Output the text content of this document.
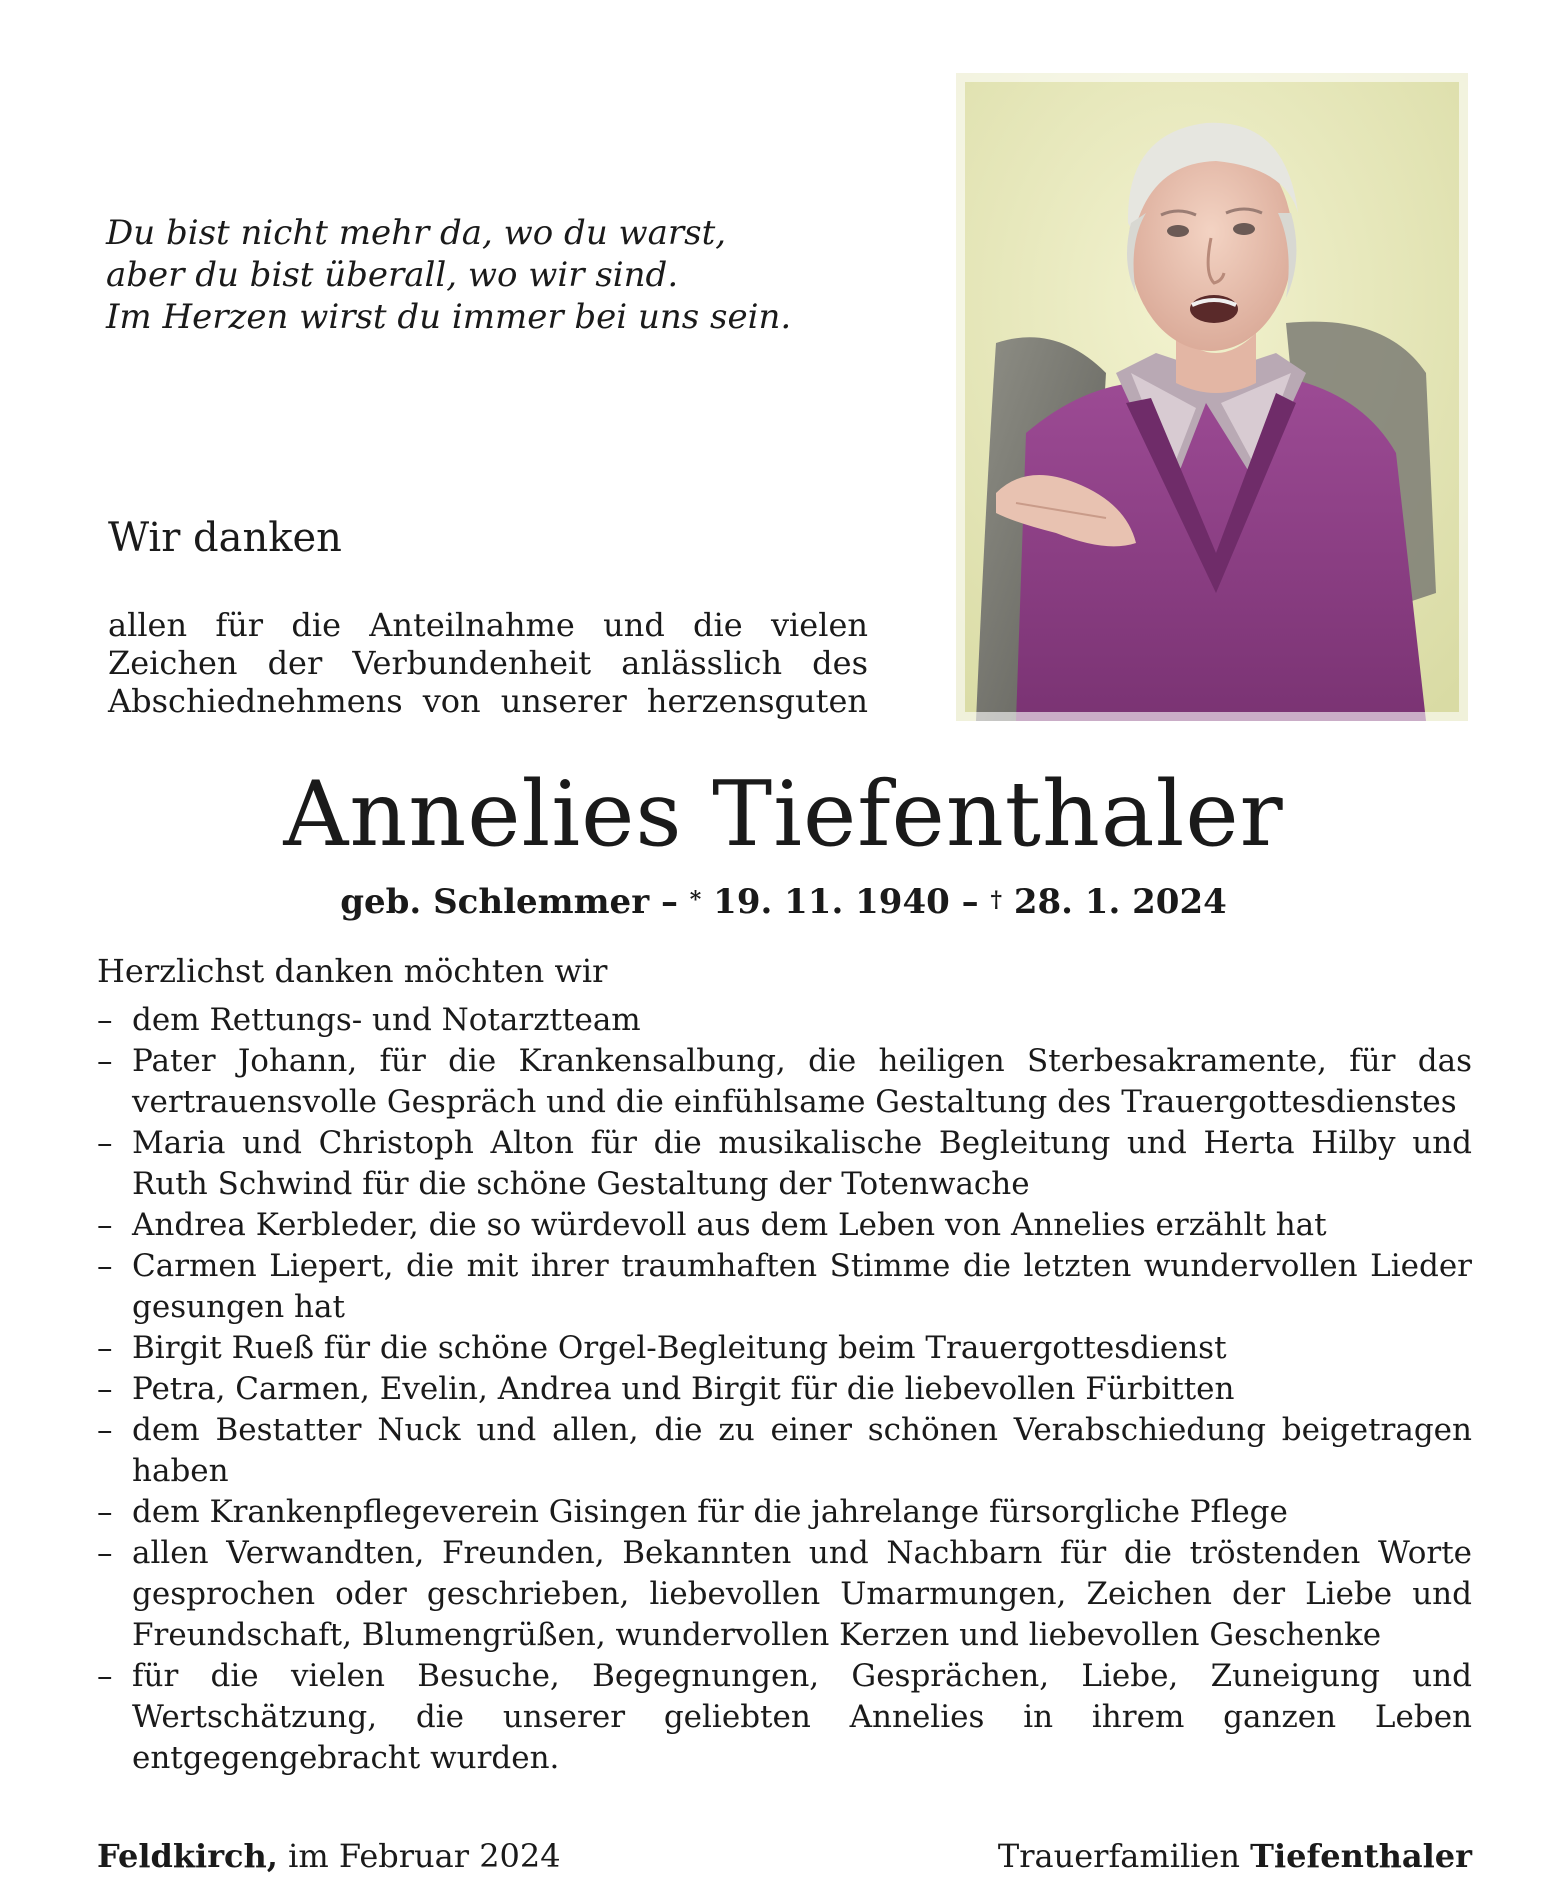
Du bist nicht mehr da, wo du warst,
aber du bist überall, wo wir sind.
Im Herzen wirst du immer bei uns sein.
Wir danken
allen für die Anteilnahme und die vielen
Zeichen der Verbundenheit anlässlich des
Abschiednehmens von unserer herzensguten
Annelies Tiefenthaler
geb. Schlemmer – * 19. 11. 1940 – † 28. 1. 2024
Herzlichst danken möchten wir
– dem Rettungs- und Notarztteam
– Pater Johann, für die Krankensalbung, die heiligen Sterbesakramente, für das vertrauensvolle Gespräch und die einfühlsame Gestaltung des Trauergottesdienstes
– Maria und Christoph Alton für die musikalische Begleitung und Herta Hilby und Ruth Schwind für die schöne Gestaltung der Totenwache
– Andrea Kerbleder, die so würdevoll aus dem Leben von Annelies erzählt hat
– Carmen Liepert, die mit ihrer traumhaften Stimme die letzten wundervollen Lieder gesungen hat
– Birgit Rueß für die schöne Orgel-Begleitung beim Trauergottesdienst
– Petra, Carmen, Evelin, Andrea und Birgit für die liebevollen Fürbitten
– dem Bestatter Nuck und allen, die zu einer schönen Verabschiedung beigetragen haben
– dem Krankenpflegeverein Gisingen für die jahrelange fürsorgliche Pflege
– allen Verwandten, Freunden, Bekannten und Nachbarn für die tröstenden Worte gesprochen oder geschrieben, liebevollen Umarmungen, Zeichen der Liebe und Freundschaft, Blumengrüßen, wundervollen Kerzen und liebevollen Geschenke
– für die vielen Besuche, Begegnungen, Gesprächen, Liebe, Zuneigung und Wertschätzung, die unserer geliebten Annelies in ihrem ganzen Leben entgegengebracht wurden.
Feldkirch, im Februar 2024	Trauerfamilien Tiefenthaler
